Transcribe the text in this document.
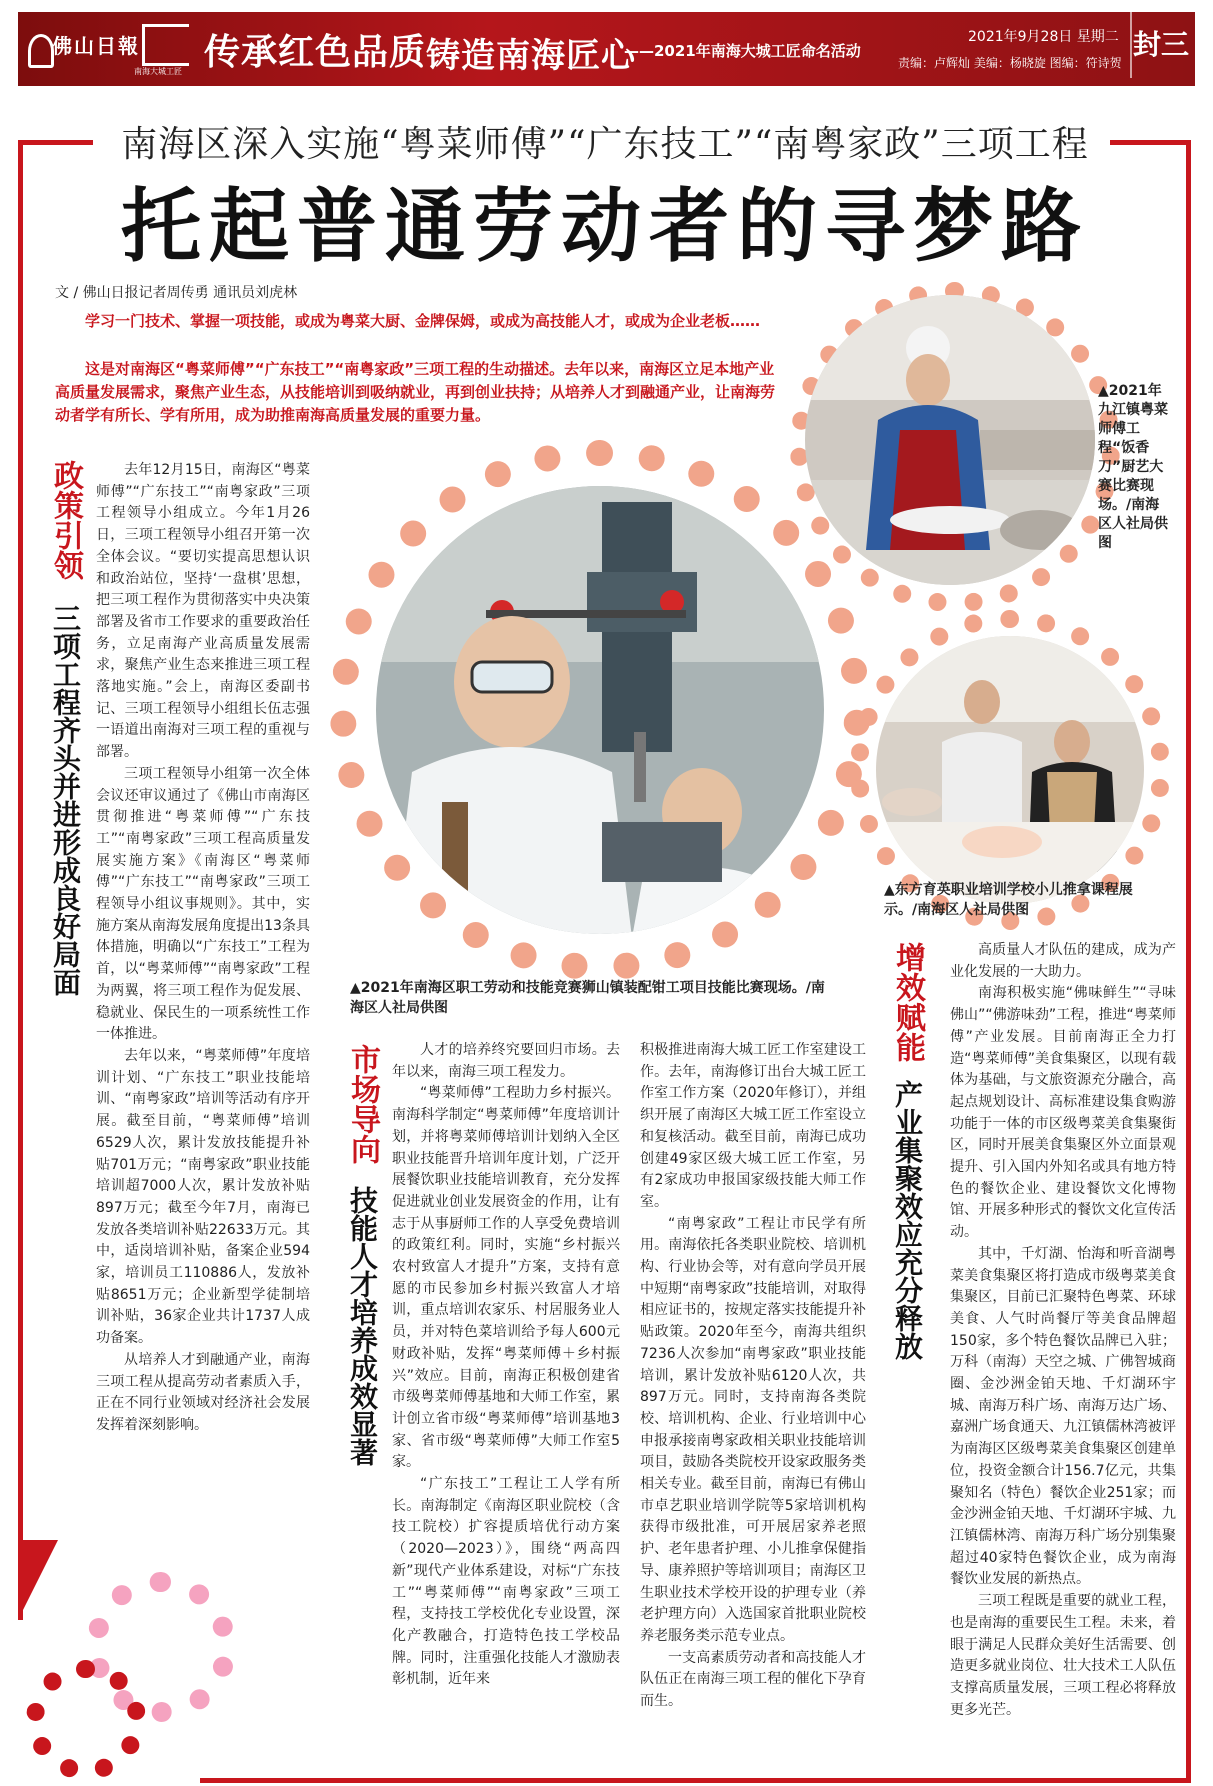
佛山日報
南海大城工匠 传承红色品质 铸造南海匠心
——2021年南海大城工匠命名活动
2021年9月28日 星期二
责编：卢辉灿 美编：杨晓旋 图编：符诗贺
封三
南海区深入实施“粤菜师傅”“广东技工”“南粤家政”三项工程
托起普通劳动者的寻梦路
文 / 佛山日报记者周传勇 通讯员刘虎林

学习一门技术、掌握一项技能，或成为粤菜大厨、金牌保姆，或成为高技能人才，或成为企业老板……

这是对南海区“粤菜师傅”“广东技工”“南粤家政”三项工程的生动描述。去年以来，南海区立足本地产业高质量发展需求，聚焦产业生态，从技能培训到吸纳就业，再到创业扶持；从培养人才到融通产业，让南海劳动者学有所长、学有所用，成为助推南海高质量发展的重要力量。

▲2021年九江镇粤菜师傅工程“饭香刀”厨艺大赛比赛现场。/南海区人社局供图
▲2021年南海区职工劳动和技能竞赛狮山镇装配钳工项目技能比赛现场。/南海区人社局供图
▲东方育英职业培训学校小儿推拿课程展示。/南海区人社局供图
政策引领
三项工程齐头并进形成良好局面
市场导向
技能人才培养成效显著
增效赋能
产业集聚效应充分释放

去年12月15日，南海区“粤菜师傅”“广东技工”“南粤家政”三项工程领导小组成立。今年1月26日，三项工程领导小组召开第一次全体会议。“要切实提高思想认识和政治站位，坚持‘一盘棋’思想，把三项工程作为贯彻落实中央决策部署及省市工作要求的重要政治任务，立足南海产业高质量发展需求，聚焦产业生态来推进三项工程落地实施。”会上，南海区委副书记、三项工程领导小组组长伍志强一语道出南海对三项工程的重视与部署。

三项工程领导小组第一次全体会议还审议通过了《佛山市南海区贯彻推进“粤菜师傅”“广东技工”“南粤家政”三项工程高质量发展实施方案》《南海区“粤菜师傅”“广东技工”“南粤家政”三项工程领导小组议事规则》。其中，实施方案从南海发展角度提出13条具体措施，明确以“广东技工”工程为首，以“粤菜师傅”“南粤家政”工程为两翼，将三项工程作为促发展、稳就业、保民生的一项系统性工作一体推进。

去年以来，“粤菜师傅”年度培训计划、“广东技工”职业技能培训、“南粤家政”培训等活动有序开展。截至目前，“粤菜师傅”培训6529人次，累计发放技能提升补贴701万元；“南粤家政”职业技能培训超7000人次，累计发放补贴897万元；截至今年7月，南海已发放各类培训补贴22633万元。其中，适岗培训补贴，备案企业594家，培训员工110886人，发放补贴8651万元；企业新型学徒制培训补贴，36家企业共计1737人成功备案。

从培养人才到融通产业，南海三项工程从提高劳动者素质入手，正在不同行业领域对经济社会发展发挥着深刻影响。

人才的培养终究要回归市场。去年以来，南海三项工程发力。

“粤菜师傅”工程助力乡村振兴。南海科学制定“粤菜师傅”年度培训计划，并将粤菜师傅培训计划纳入全区职业技能晋升培训年度计划，广泛开展餐饮职业技能培训教育，充分发挥促进就业创业发展资金的作用，让有志于从事厨师工作的人享受免费培训的政策红利。同时，实施“乡村振兴农村致富人才提升”方案，支持有意愿的市民参加乡村振兴致富人才培训，重点培训农家乐、村居服务业人员，并对特色菜培训给予每人600元财政补贴，发挥“粤菜师傅＋乡村振兴”效应。目前，南海正积极创建省市级粤菜师傅基地和大师工作室，累计创立省市级“粤菜师傅”培训基地3家、省市级“粤菜师傅”大师工作室5家。

“广东技工”工程让工人学有所长。南海制定《南海区职业院校（含技工院校）扩容提质培优行动方案（2020—2023）》，围绕“两高四新”现代产业体系建设，对标“广东技工”“粤菜师傅”“南粤家政”三项工程，支持技工学校优化专业设置，深化产教融合，打造特色技工学校品牌。同时，注重强化技能人才激励表彰机制，近年来

积极推进南海大城工匠工作室建设工作。去年，南海修订出台大城工匠工作室工作方案（2020年修订），并组织开展了南海区大城工匠工作室设立和复核活动。截至目前，南海已成功创建49家区级大城工匠工作室，另有2家成功申报国家级技能大师工作室。

“南粤家政”工程让市民学有所用。南海依托各类职业院校、培训机构、行业协会等，对有意向学员开展中短期“南粤家政”技能培训，对取得相应证书的，按规定落实技能提升补贴政策。2020年至今，南海共组织7236人次参加“南粤家政”职业技能培训，累计发放补贴6120人次，共897万元。同时，支持南海各类院校、培训机构、企业、行业培训中心申报承接南粤家政相关职业技能培训项目，鼓励各类院校开设家政服务类相关专业。截至目前，南海已有佛山市卓艺职业培训学院等5家培训机构获得市级批准，可开展居家养老照护、老年患者护理、小儿推拿保健指导、康养照护等培训项目；南海区卫生职业技术学校开设的护理专业（养老护理方向）入选国家首批职业院校养老服务类示范专业点。

一支高素质劳动者和高技能人才队伍正在南海三项工程的催化下孕育而生。

高质量人才队伍的建成，成为产业化发展的一大助力。

南海积极实施“佛味鲜生”“寻味佛山”“佛游味劲”工程，推进“粤菜师傅”产业发展。目前南海正全力打造“粤菜师傅”美食集聚区，以现有载体为基础，与文旅资源充分融合，高起点规划设计、高标准建设集食购游功能于一体的市区级粤菜美食集聚街区，同时开展美食集聚区外立面景观提升、引入国内外知名或具有地方特色的餐饮企业、建设餐饮文化博物馆、开展多种形式的餐饮文化宣传活动。

其中，千灯湖、怡海和听音湖粤菜美食集聚区将打造成市级粤菜美食集聚区，目前已汇聚特色粤菜、环球美食、人气时尚餐厅等美食品牌超150家，多个特色餐饮品牌已入驻；万科（南海）天空之城、广佛智城商圈、金沙洲金铂天地、千灯湖环宇城、南海万科广场、南海万达广场、嘉洲广场食通天、九江镇儒林湾被评为南海区区级粤菜美食集聚区创建单位，投资金额合计156.7亿元，共集聚知名（特色）餐饮企业251家；而金沙洲金铂天地、千灯湖环宇城、九江镇儒林湾、南海万科广场分别集聚超过40家特色餐饮企业，成为南海餐饮业发展的新热点。

三项工程既是重要的就业工程，也是南海的重要民生工程。未来，着眼于满足人民群众美好生活需要、创造更多就业岗位、壮大技术工人队伍支撑高质量发展，三项工程必将释放更多光芒。
